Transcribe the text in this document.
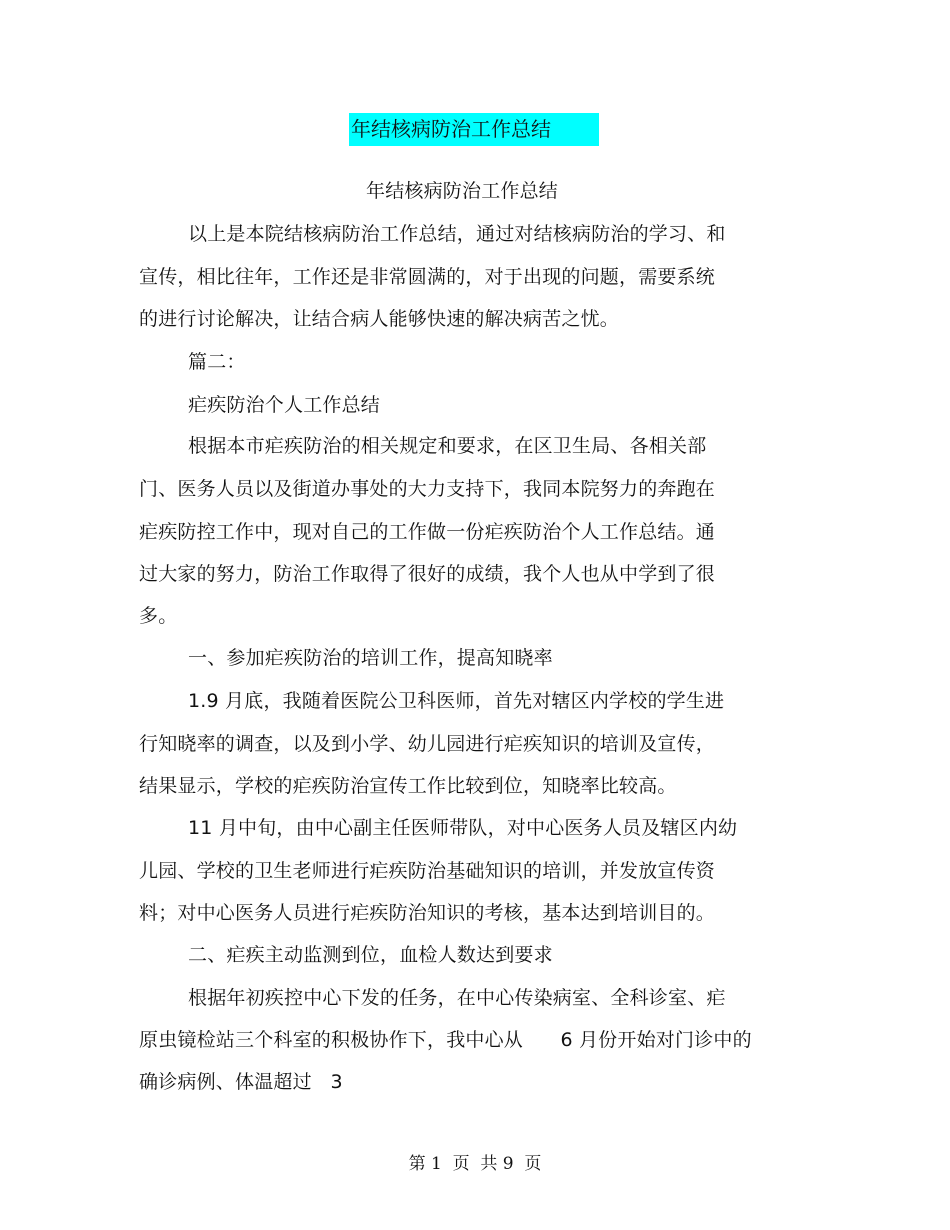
年结核病防治工作总结
年结核病防治工作总结
以上是本院结核病防治工作总结，通过对结核病防治的学习、和
宣传，相比往年，工作还是非常圆满的，对于出现的问题，需要系统
的进行讨论解决，让结合病人能够快速的解决病苦之忧。
篇二：
疟疾防治个人工作总结
根据本市疟疾防治的相关规定和要求，在区卫生局、各相关部
门、医务人员以及街道办事处的大力支持下，我同本院努力的奔跑在
疟疾防控工作中，现对自己的工作做一份疟疾防治个人工作总结。通
过大家的努力，防治工作取得了很好的成绩，我个人也从中学到了很
多。
一、参加疟疾防治的培训工作，提高知晓率
1.9 月底，我随着医院公卫科医师，首先对辖区内学校的学生进
行知晓率的调查，以及到小学、幼儿园进行疟疾知识的培训及宣传，
结果显示，学校的疟疾防治宣传工作比较到位，知晓率比较高。
11 月中旬，由中心副主任医师带队，对中心医务人员及辖区内幼
儿园、学校的卫生老师进行疟疾防治基础知识的培训，并发放宣传资
料；对中心医务人员进行疟疾防治知识的考核，基本达到培训目的。
二、疟疾主动监测到位，血检人数达到要求
根据年初疾控中心下发的任务，在中心传染病室、全科诊室、疟
原虫镜检站三个科室的积极协作下，我中心从      6 月份开始对门诊中的
确诊病例、体温超过   3
第 1  页  共 9  页
